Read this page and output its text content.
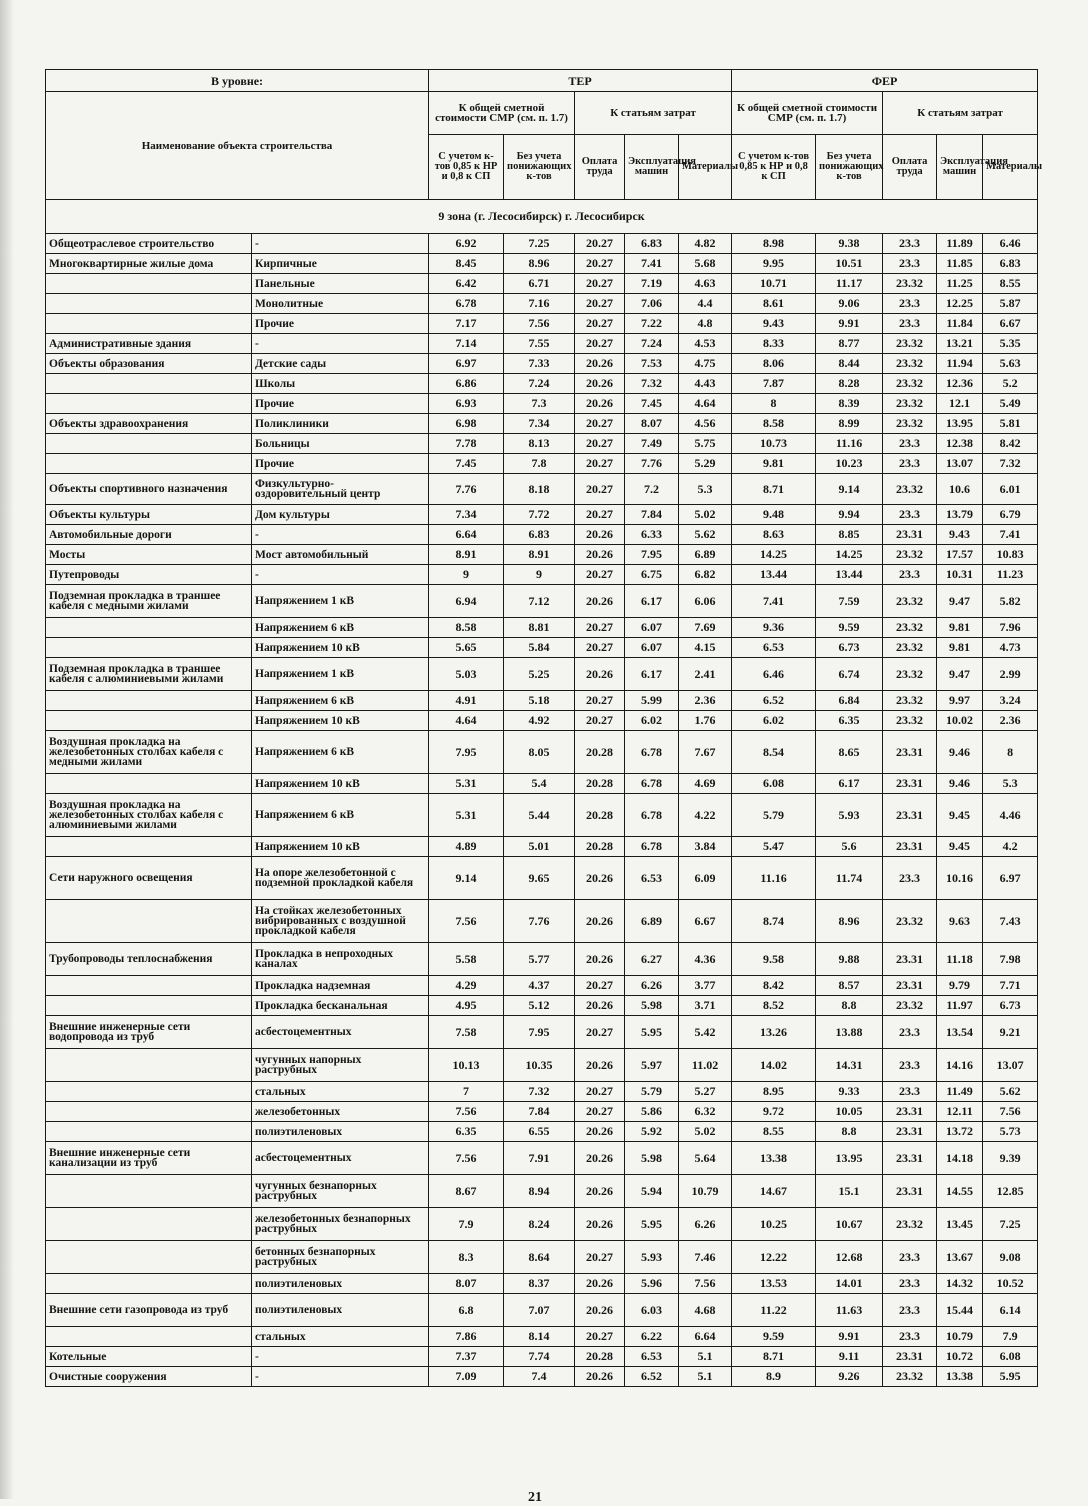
В уровне:		ТЕР					ФЕР				
Наименование объекта строительства		К общей сметной стоимости СМР (см. п. 1.7)		К статьям затрат			К общей сметной стоимости СМР (см. п. 1.7)		К статьям затрат		
		С учетом к-тов 0,85 к НР и 0,8 к СП	Без учета понижающих к-тов	Оплата труда	Эксплуатация машин	Материалы	С учетом к-тов 0,85 к НР и 0,8 к СП	Без учета понижающих к-тов	Оплата труда	Эксплуатация машин	Материалы
9 зона (г. Лесосибирск) г. Лесосибирск											
Общеотраслевое строительство	-	6.92	7.25	20.27	6.83	4.82	8.98	9.38	23.3	11.89	6.46
Многоквартирные жилые дома	Кирпичные	8.45	8.96	20.27	7.41	5.68	9.95	10.51	23.3	11.85	6.83
	Панельные	6.42	6.71	20.27	7.19	4.63	10.71	11.17	23.32	11.25	8.55
	Монолитные	6.78	7.16	20.27	7.06	4.4	8.61	9.06	23.3	12.25	5.87
	Прочие	7.17	7.56	20.27	7.22	4.8	9.43	9.91	23.3	11.84	6.67
Административные здания	-	7.14	7.55	20.27	7.24	4.53	8.33	8.77	23.32	13.21	5.35
Объекты образования	Детские сады	6.97	7.33	20.26	7.53	4.75	8.06	8.44	23.32	11.94	5.63
	Школы	6.86	7.24	20.26	7.32	4.43	7.87	8.28	23.32	12.36	5.2
	Прочие	6.93	7.3	20.26	7.45	4.64	8	8.39	23.32	12.1	5.49
Объекты здравоохранения	Поликлиники	6.98	7.34	20.27	8.07	4.56	8.58	8.99	23.32	13.95	5.81
	Больницы	7.78	8.13	20.27	7.49	5.75	10.73	11.16	23.3	12.38	8.42
	Прочие	7.45	7.8	20.27	7.76	5.29	9.81	10.23	23.3	13.07	7.32
Объекты спортивного назначения	Физкультурно-оздоровительный центр	7.76	8.18	20.27	7.2	5.3	8.71	9.14	23.32	10.6	6.01
Объекты культуры	Дом культуры	7.34	7.72	20.27	7.84	5.02	9.48	9.94	23.3	13.79	6.79
Автомобильные дороги	-	6.64	6.83	20.26	6.33	5.62	8.63	8.85	23.31	9.43	7.41
Мосты	Мост автомобильный	8.91	8.91	20.26	7.95	6.89	14.25	14.25	23.32	17.57	10.83
Путепроводы	-	9	9	20.27	6.75	6.82	13.44	13.44	23.3	10.31	11.23
Подземная прокладка в траншее кабеля с медными жилами	Напряжением 1 кВ	6.94	7.12	20.26	6.17	6.06	7.41	7.59	23.32	9.47	5.82
	Напряжением 6 кВ	8.58	8.81	20.27	6.07	7.69	9.36	9.59	23.32	9.81	7.96
	Напряжением 10 кВ	5.65	5.84	20.27	6.07	4.15	6.53	6.73	23.32	9.81	4.73
Подземная прокладка в траншее кабеля с алюминиевыми жилами	Напряжением 1 кВ	5.03	5.25	20.26	6.17	2.41	6.46	6.74	23.32	9.47	2.99
	Напряжением 6 кВ	4.91	5.18	20.27	5.99	2.36	6.52	6.84	23.32	9.97	3.24
	Напряжением 10 кВ	4.64	4.92	20.27	6.02	1.76	6.02	6.35	23.32	10.02	2.36
Воздушная прокладка на железобетонных столбах кабеля с медными жилами	Напряжением 6 кВ	7.95	8.05	20.28	6.78	7.67	8.54	8.65	23.31	9.46	8
	Напряжением 10 кВ	5.31	5.4	20.28	6.78	4.69	6.08	6.17	23.31	9.46	5.3
Воздушная прокладка на железобетонных столбах кабеля с алюминиевыми жилами	Напряжением 6 кВ	5.31	5.44	20.28	6.78	4.22	5.79	5.93	23.31	9.45	4.46
	Напряжением 10 кВ	4.89	5.01	20.28	6.78	3.84	5.47	5.6	23.31	9.45	4.2
Сети наружного освещения	На опоре железобетонной с подземной прокладкой кабеля	9.14	9.65	20.26	6.53	6.09	11.16	11.74	23.3	10.16	6.97
	На стойках железобетонных вибрированных с воздушной прокладкой кабеля	7.56	7.76	20.26	6.89	6.67	8.74	8.96	23.32	9.63	7.43
Трубопроводы теплоснабжения	Прокладка в непроходных каналах	5.58	5.77	20.26	6.27	4.36	9.58	9.88	23.31	11.18	7.98
	Прокладка надземная	4.29	4.37	20.27	6.26	3.77	8.42	8.57	23.31	9.79	7.71
	Прокладка бесканальная	4.95	5.12	20.26	5.98	3.71	8.52	8.8	23.32	11.97	6.73
Внешние инженерные сети водопровода из труб	асбестоцементных	7.58	7.95	20.27	5.95	5.42	13.26	13.88	23.3	13.54	9.21
	чугунных напорных раструбных	10.13	10.35	20.26	5.97	11.02	14.02	14.31	23.3	14.16	13.07
	стальных	7	7.32	20.27	5.79	5.27	8.95	9.33	23.3	11.49	5.62
	железобетонных	7.56	7.84	20.27	5.86	6.32	9.72	10.05	23.31	12.11	7.56
	полиэтиленовых	6.35	6.55	20.26	5.92	5.02	8.55	8.8	23.31	13.72	5.73
Внешние инженерные сети канализации из труб	асбестоцементных	7.56	7.91	20.26	5.98	5.64	13.38	13.95	23.31	14.18	9.39
	чугунных безнапорных раструбных	8.67	8.94	20.26	5.94	10.79	14.67	15.1	23.31	14.55	12.85
	железобетонных безнапорных раструбных	7.9	8.24	20.26	5.95	6.26	10.25	10.67	23.32	13.45	7.25
	бетонных безнапорных раструбных	8.3	8.64	20.27	5.93	7.46	12.22	12.68	23.3	13.67	9.08
	полиэтиленовых	8.07	8.37	20.26	5.96	7.56	13.53	14.01	23.3	14.32	10.52
Внешние сети газопровода из труб	полиэтиленовых	6.8	7.07	20.26	6.03	4.68	11.22	11.63	23.3	15.44	6.14
	стальных	7.86	8.14	20.27	6.22	6.64	9.59	9.91	23.3	10.79	7.9
Котельные	-	7.37	7.74	20.28	6.53	5.1	8.71	9.11	23.31	10.72	6.08
Очистные сооружения	-	7.09	7.4	20.26	6.52	5.1	8.9	9.26	23.32	13.38	5.95
21
